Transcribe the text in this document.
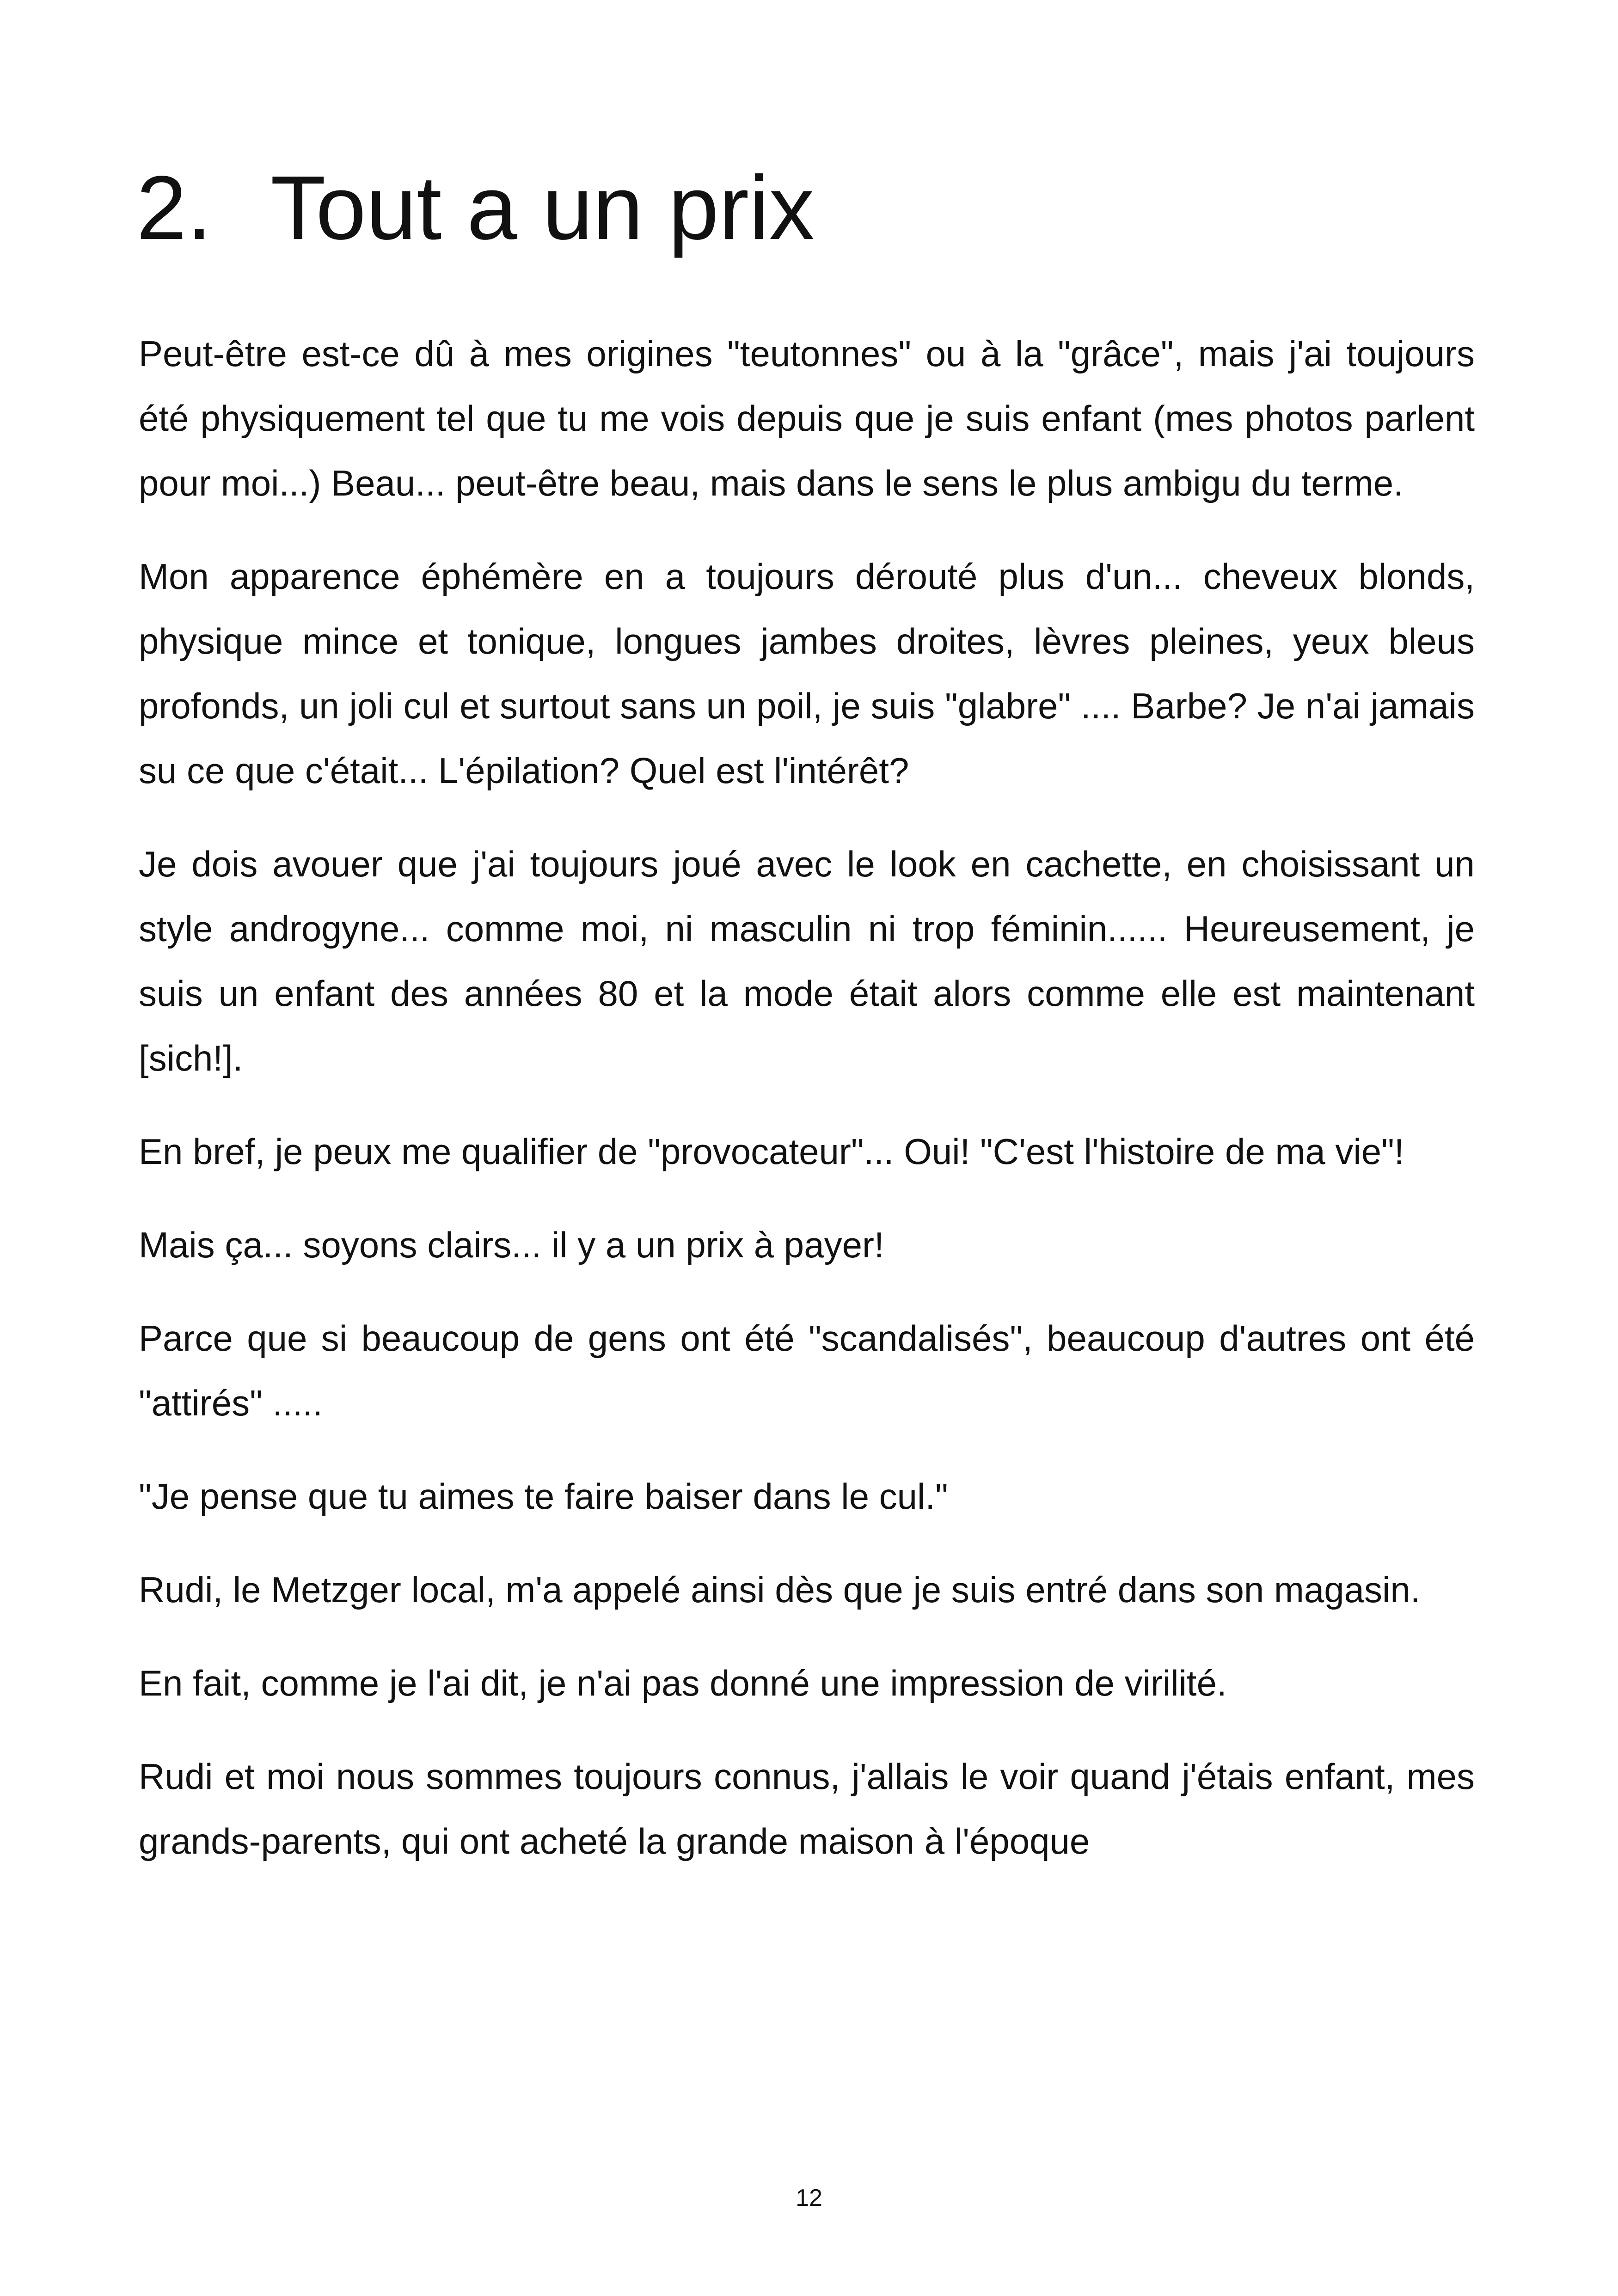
2. Tout a un prix

Peut-être est-ce dû à mes origines "teutonnes" ou à la "grâce", mais j'ai toujours été physiquement tel que tu me vois depuis que je suis enfant (mes photos parlent pour moi...) Beau... peut-être beau, mais dans le sens le plus ambigu du terme.

Mon apparence éphémère en a toujours dérouté plus d'un... cheveux blonds, physique mince et tonique, longues jambes droites, lèvres pleines, yeux bleus profonds, un joli cul et surtout sans un poil, je suis "glabre" .... Barbe? Je n'ai jamais su ce que c'était... L'épilation? Quel est l'intérêt?

Je dois avouer que j'ai toujours joué avec le look en cachette, en choisissant un style androgyne... comme moi, ni masculin ni trop féminin...... Heureusement, je suis un enfant des années 80 et la mode était alors comme elle est maintenant [sich!].

En bref, je peux me qualifier de "provocateur"... Oui! "C'est l'histoire de ma vie"!

Mais ça... soyons clairs... il y a un prix à payer!

Parce que si beaucoup de gens ont été "scandalisés", beaucoup d'autres ont été "attirés" .....

"Je pense que tu aimes te faire baiser dans le cul."

Rudi, le Metzger local, m'a appelé ainsi dès que je suis entré dans son magasin.

En fait, comme je l'ai dit, je n'ai pas donné une impression de virilité.

Rudi et moi nous sommes toujours connus, j'allais le voir quand j'étais enfant, mes grands-parents, qui ont acheté la grande maison à l'époque

12
